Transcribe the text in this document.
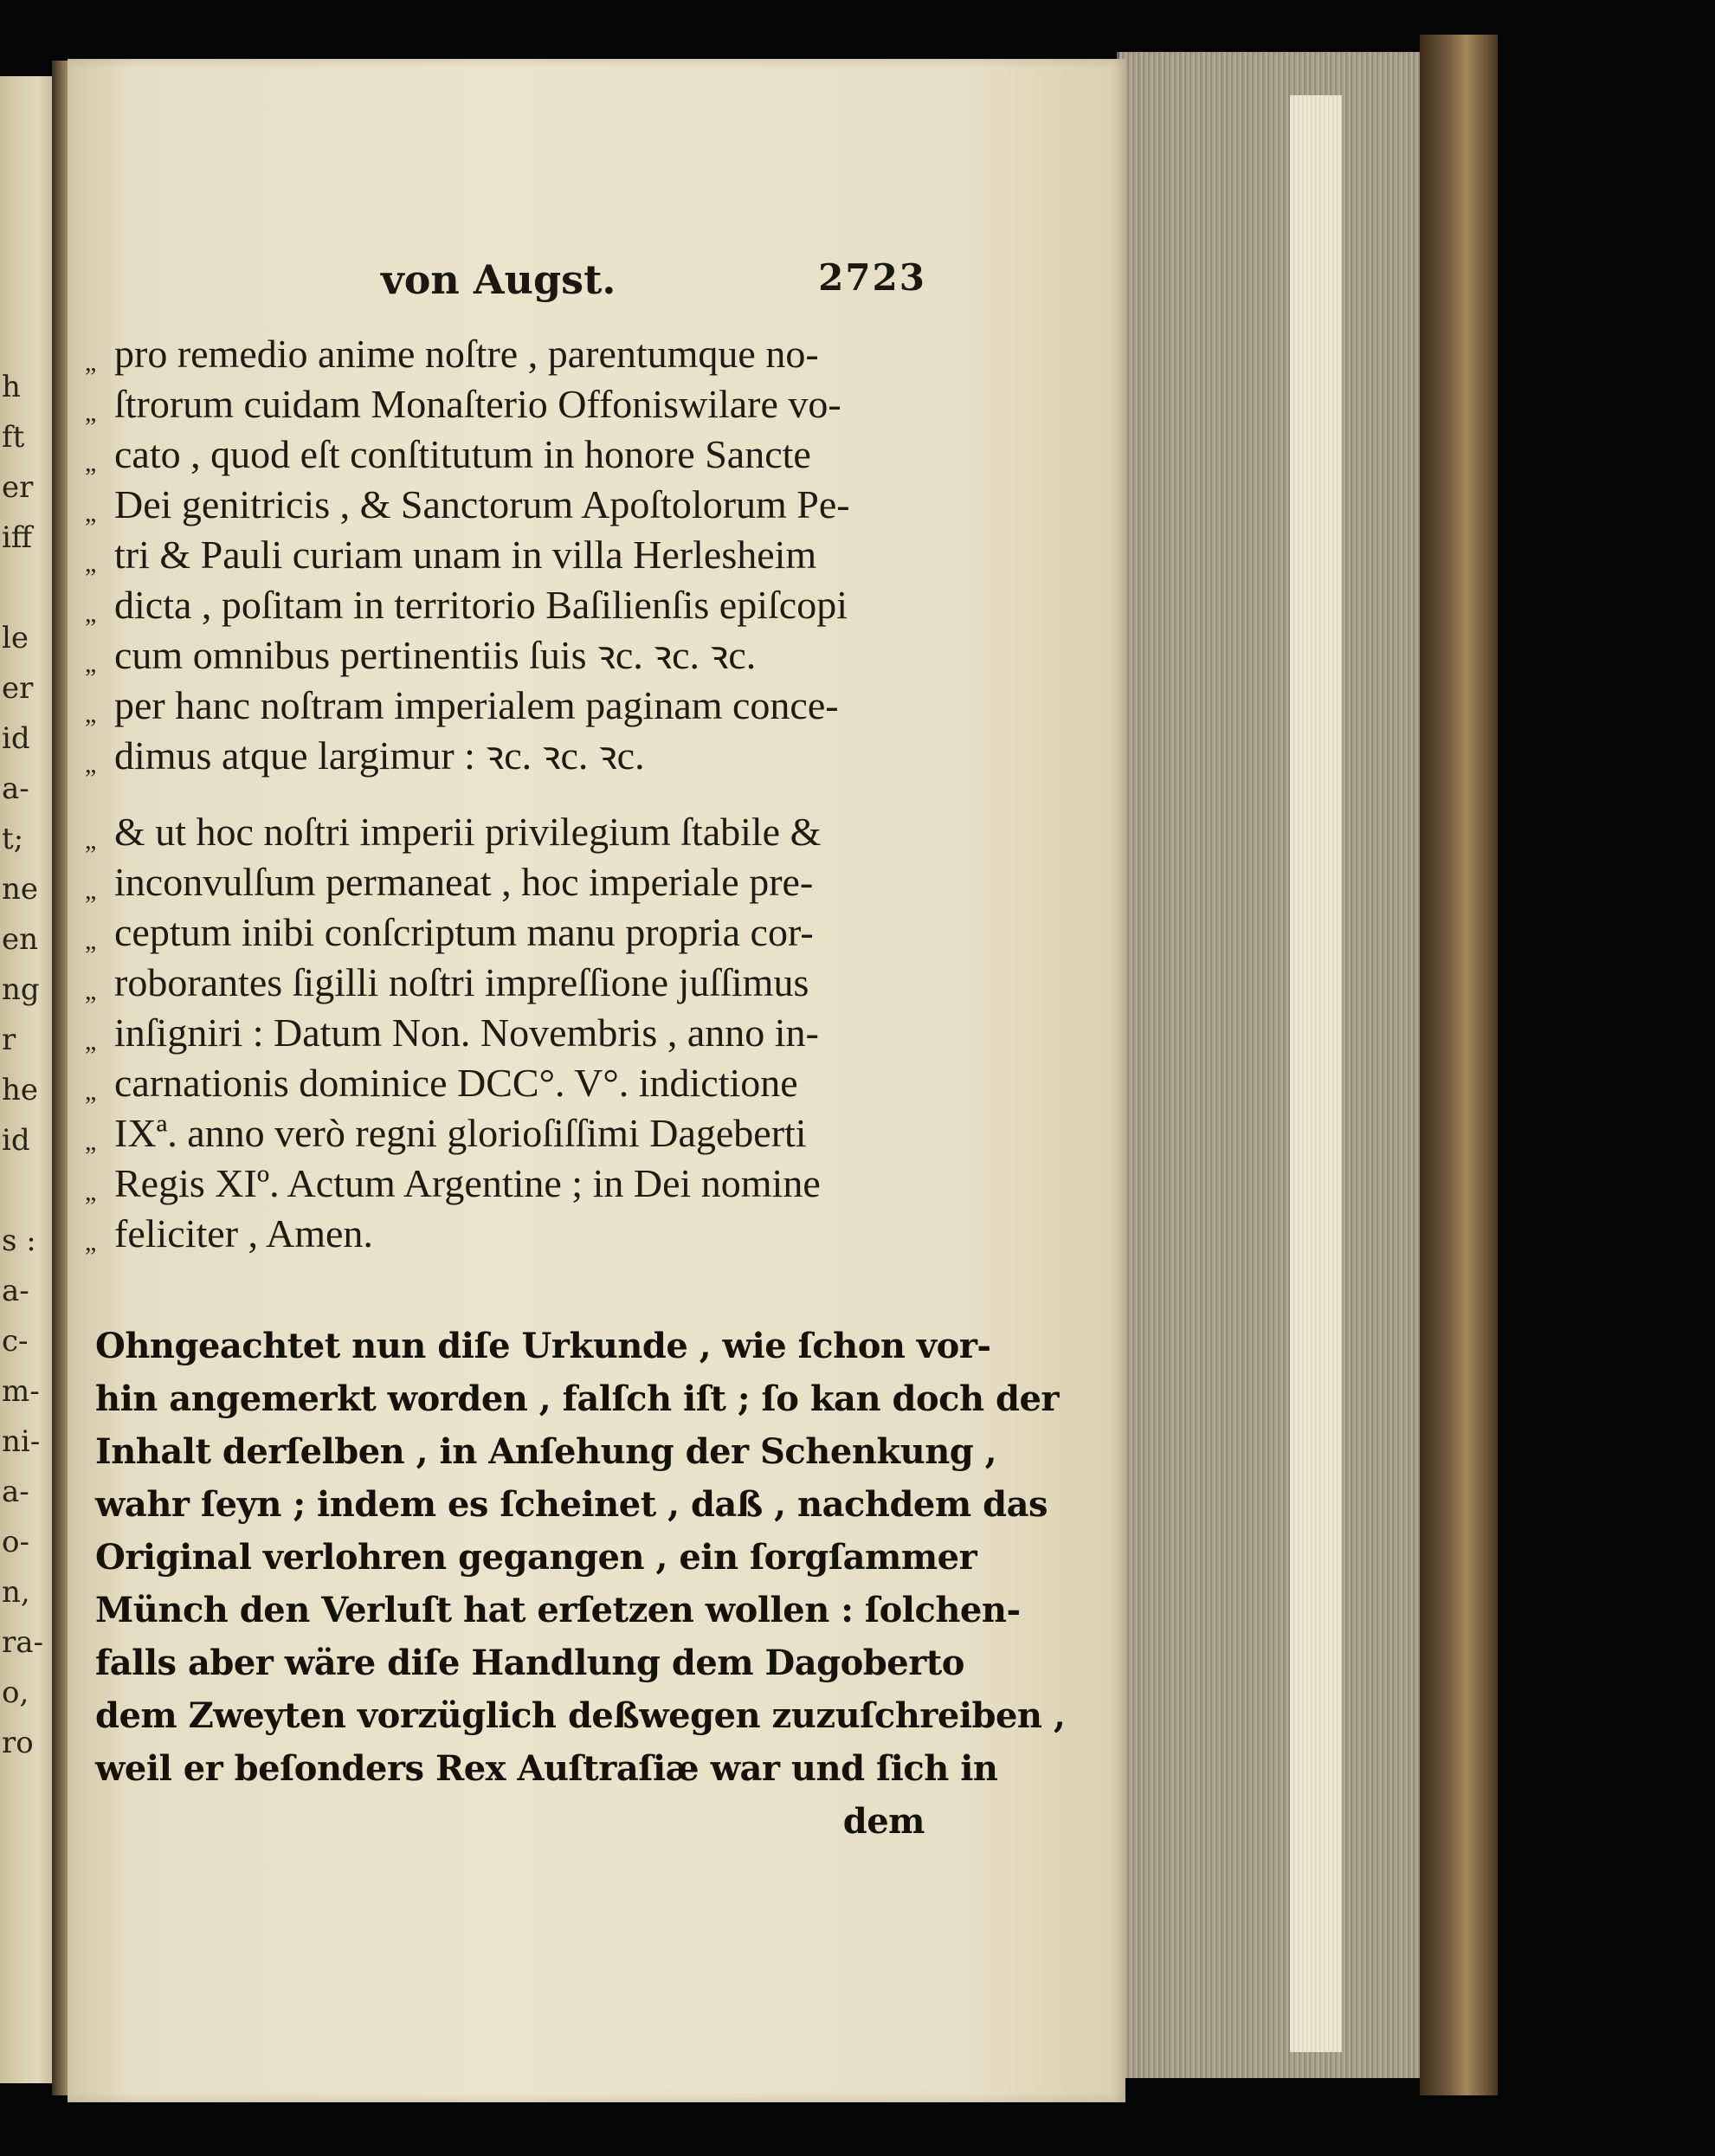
h
ft
er
iff
le
er
id
a-
t;
ne
en
ng
r
he
id
s :
a-
c-
m-
ni-
a-
o-
n,
ra-
o,
ro
von Augst.	2723
„ pro remedio anime noſtre , parentumque no-
„ ſtrorum cuidam Monaſterio Offoniswilare vo-
„ cato , quod eſt conſtitutum in honore Sancte
„ Dei genitricis , & Sanctorum Apoſtolorum Pe-
„ tri & Pauli curiam unam in villa Herlesheim
„ dicta , poſitam in territorio Baſilienſis epiſcopi
„ cum omnibus pertinentiis ſuis ꝛc. ꝛc. ꝛc.
„ per hanc noſtram imperialem paginam conce-
„ dimus atque largimur : ꝛc. ꝛc. ꝛc.
„ & ut hoc noſtri imperii privilegium ſtabile &
„ inconvulſum permaneat , hoc imperiale pre-
„ ceptum inibi conſcriptum manu propria cor-
„ roborantes ſigilli noſtri impreſſione juſſimus
„ inſigniri : Datum Non. Novembris , anno in-
„ carnationis dominice DCC°. V°. indictione
„ IXª. anno verò regni glorioſiſſimi Dageberti
„ Regis XIº. Actum Argentine ; in Dei nomine
„ feliciter , Amen.
Ohngeachtet nun diſe Urkunde , wie ſchon vor-
hin angemerkt worden , falſch iſt ; ſo kan doch der
Inhalt derſelben , in Anſehung der Schenkung ,
wahr ſeyn ; indem es ſcheinet , daß , nachdem das
Original verlohren gegangen , ein ſorgſammer
Münch den Verluſt hat erſetzen wollen : ſolchen-
falls aber wäre diſe Handlung dem Dagoberto
dem Zweyten vorzüglich deßwegen zuzuſchreiben ,
weil er beſonders Rex Auſtraſiæ war und ſich in
dem
